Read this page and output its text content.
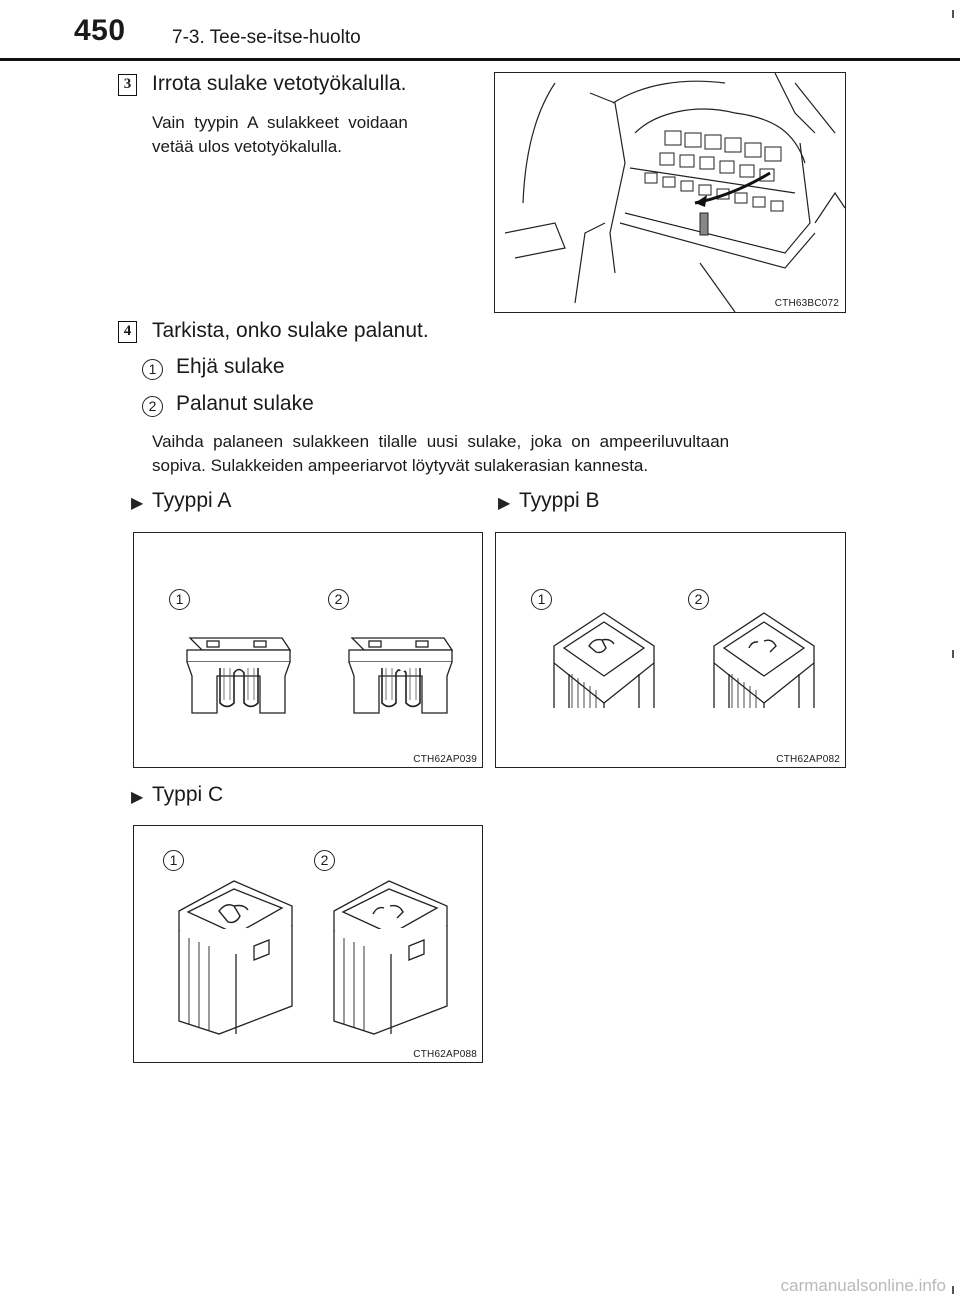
450 7-3. Tee-se-itse-huolto
3 Irrota sulake vetotyökalulla.
Vain  tyypin  A  sulakkeet  voidaan
vetää ulos vetotyökalulla.
CTH63BC072
4 Tarkista, onko sulake palanut.
1 Ehjä sulake
2 Palanut sulake
Vaihda  palaneen  sulakkeen  tilalle  uusi  sulake,  joka  on  ampeeriluvultaan
sopiva. Sulakkeiden ampeeriarvot löytyvät sulakerasian kannesta.
▶ Tyyppi A	▶ Tyyppi B
1	2
CTH62AP039
1	2
CTH62AP082
▶ Typpi C
1	2
CTH62AP088
carmanualsonline.info
